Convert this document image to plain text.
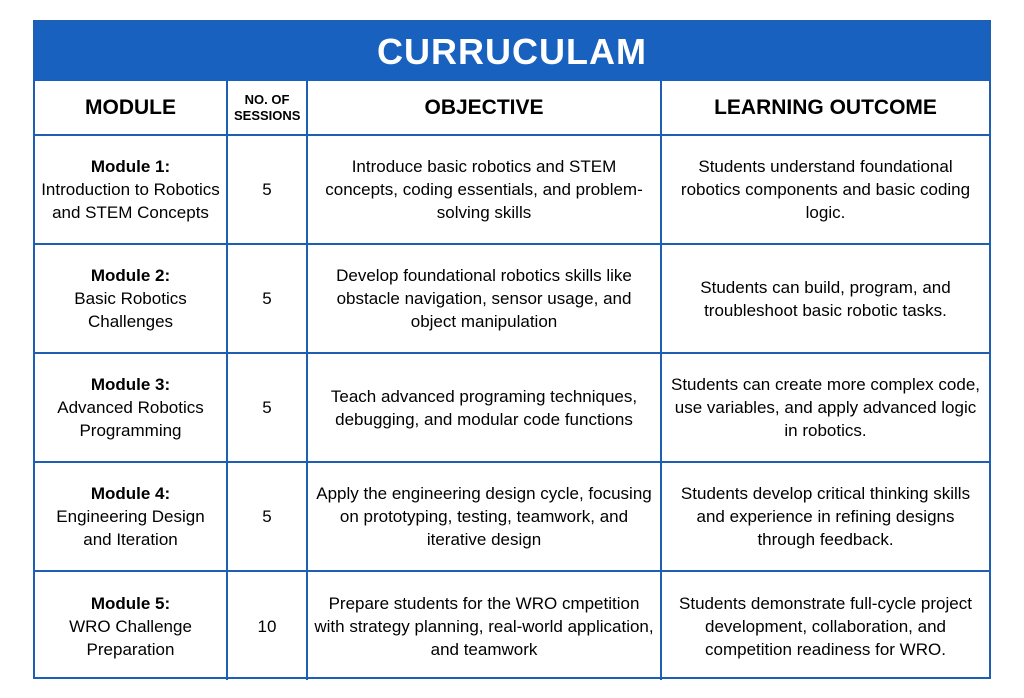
CURRUCULAM
MODULE	NO. OF SESSIONS	OBJECTIVE	LEARNING OUTCOME

Module 1:
Introduction to Robotics and STEM Concepts	5	Introduce basic robotics and STEM concepts, coding essentials, and problem-solving skills	Students understand foundational robotics components and basic coding logic.

Module 2:
Basic Robotics Challenges	5	Develop foundational robotics skills like obstacle navigation, sensor usage, and object manipulation	Students can build, program, and troubleshoot basic robotic tasks.

Module 3:
Advanced Robotics Programming	5	Teach advanced programing techniques, debugging, and modular code functions	Students can create more complex code, use variables, and apply advanced logic in robotics.

Module 4:
Engineering Design and Iteration	5	Apply the engineering design cycle, focusing on prototyping, testing, teamwork, and iterative design	Students develop critical thinking skills and experience in refining designs through feedback.

Module 5:
WRO Challenge Preparation	10	Prepare students for the WRO cmpetition with strategy planning, real-world application, and teamwork	Students demonstrate full-cycle project development, collaboration, and competition readiness for WRO.
